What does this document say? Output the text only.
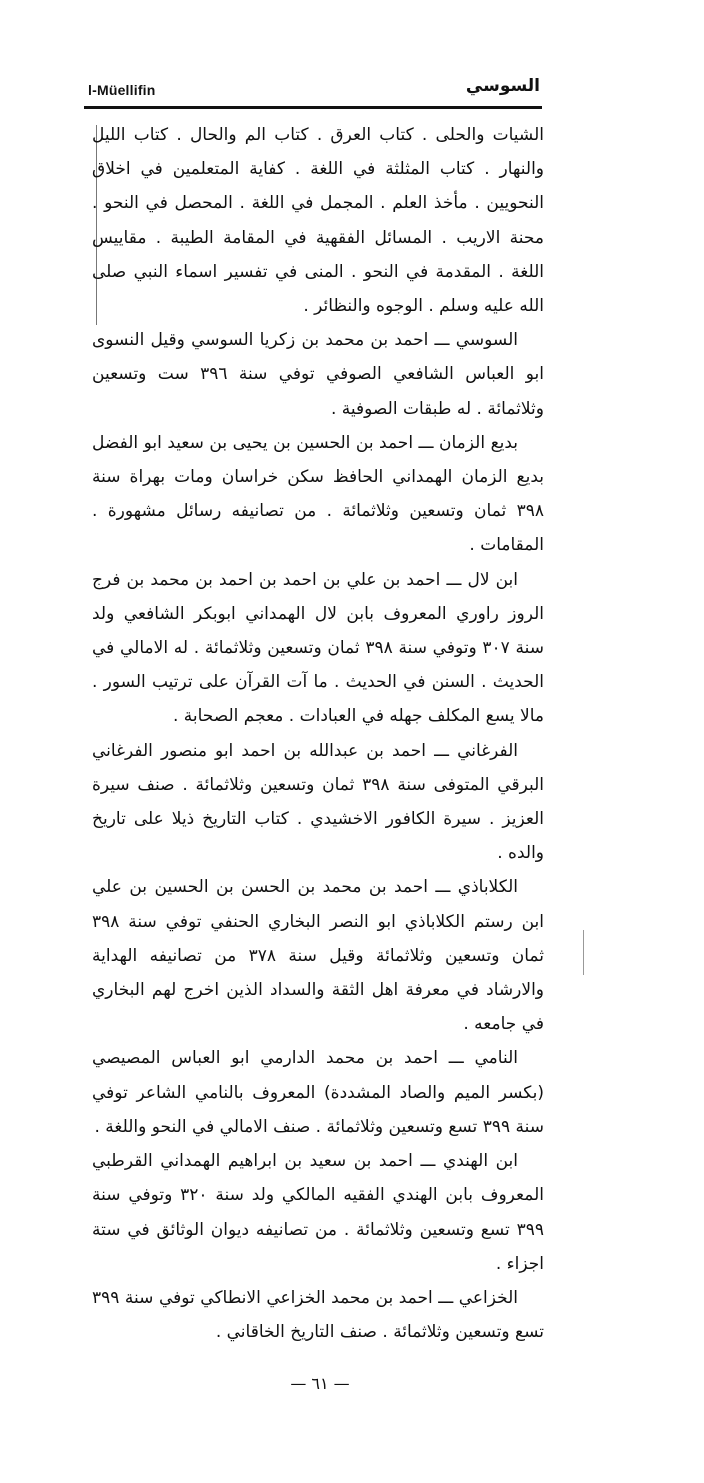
l-Müellifin	السوسي

الشيات والحلى . كتاب العرق . كتاب الم والحال . كتاب الليل والنهار . كتاب المثلثة في اللغة . كفاية المتعلمين في اخلاق النحويين . مأخذ العلم . المجمل في اللغة . المحصل في النحو . محنة الاريب . المسائل الفقهية في المقامة الطيبة . مقاييس اللغة . المقدمة في النحو . المنى في تفسير اسماء النبي صلى الله عليه وسلم . الوجوه والنظائر .

السوسي ـــ احمد بن محمد بن زكريا السوسي وقيل النسوى ابو العباس الشافعي الصوفي توفي سنة ٣٩٦ ست وتسعين وثلاثمائة . له طبقات الصوفية .

بديع الزمان ـــ احمد بن الحسين بن يحيى بن سعيد ابو الفضل بديع الزمان الهمداني الحافظ سكن خراسان ومات بهراة سنة ٣٩٨ ثمان وتسعين وثلاثمائة . من تصانيفه رسائل مشهورة . المقامات .

ابن لال ـــ احمد بن علي بن احمد بن احمد بن محمد بن فرج الروز راوري المعروف بابن لال الهمداني ابوبكر الشافعي ولد سنة ٣٠٧ وتوفي سنة ٣٩٨ ثمان وتسعين وثلاثمائة . له الامالي في الحديث . السنن في الحديث . ما آت القرآن على ترتيب السور . مالا يسع المكلف جهله في العبادات . معجم الصحابة .

الفرغاني ـــ احمد بن عبدالله بن احمد ابو منصور الفرغاني البرقي المتوفى سنة ٣٩٨ ثمان وتسعين وثلاثمائة . صنف سيرة العزيز . سيرة الكافور الاخشيدي . كتاب التاريخ ذيلا على تاريخ والده .

الكلاباذي ـــ احمد بن محمد بن الحسن بن الحسين بن علي ابن رستم الكلاباذي ابو النصر البخاري الحنفي توفي سنة ٣٩٨ ثمان وتسعين وثلاثمائة وقيل سنة ٣٧٨ من تصانيفه الهداية والارشاد في معرفة اهل الثقة والسداد الذين اخرج لهم البخاري في جامعه .

النامي ـــ احمد بن محمد الدارمي ابو العباس المصيصي (بكسر الميم والصاد المشددة) المعروف بالنامي الشاعر توفي سنة ٣٩٩ تسع وتسعين وثلاثمائة . صنف الامالي في النحو واللغة .

ابن الهندي ـــ احمد بن سعيد بن ابراهيم الهمداني القرطبي المعروف بابن الهندي الفقيه المالكي ولد سنة ٣٢٠ وتوفي سنة ٣٩٩ تسع وتسعين وثلاثمائة . من تصانيفه ديوان الوثائق في ستة اجزاء .

الخزاعي ـــ احمد بن محمد الخزاعي الانطاكي توفي سنة ٣٩٩ تسع وتسعين وثلاثمائة . صنف التاريخ الخاقاني .

— ٦١ —
